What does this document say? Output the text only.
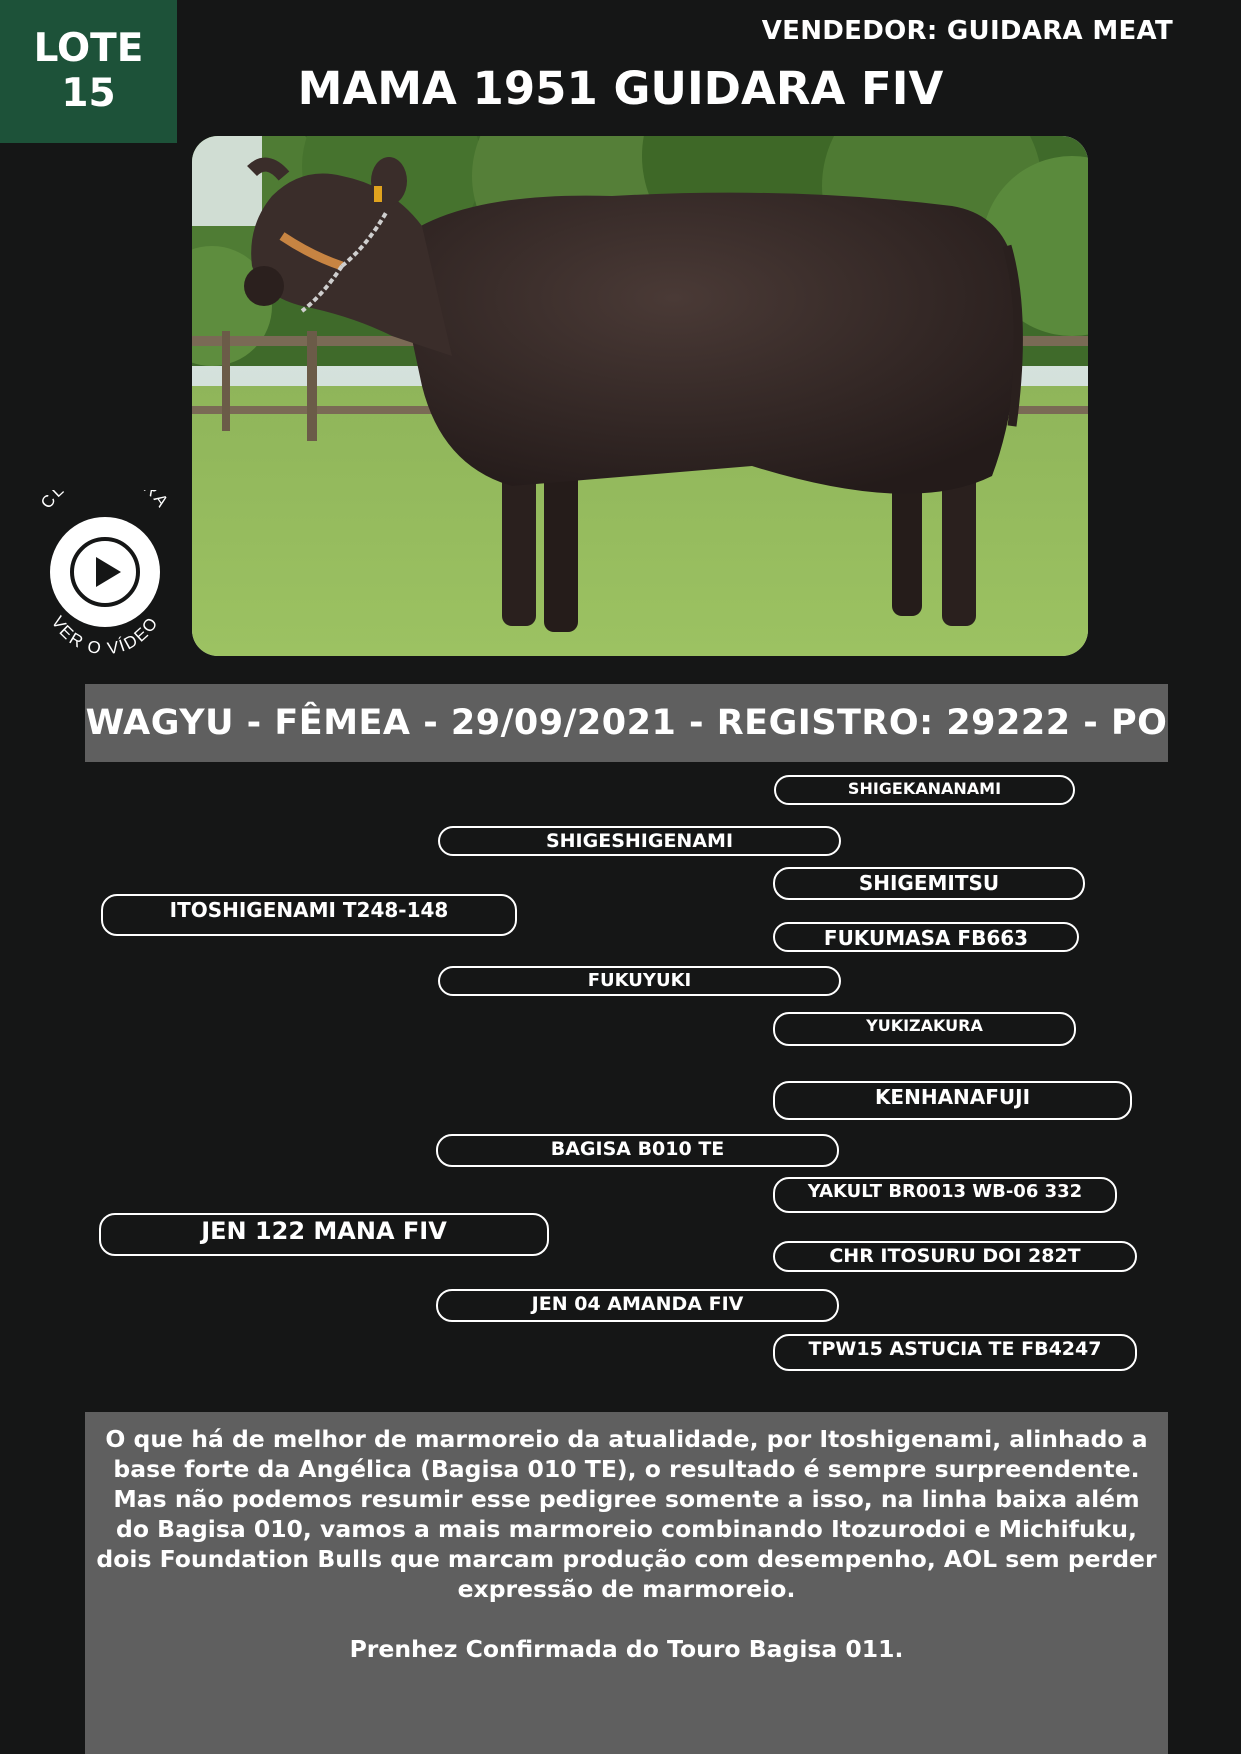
LOTE
15
VENDEDOR: GUIDARA MEAT
MAMA 1951 GUIDARA FIV
CL A
VER O VÍDEO
WAGYU - FÊMEA - 29/09/2021 - REGISTRO: 29222 - PO
ITOSHIGENAMI T248-148
JEN 122 MANA FIV
SHIGESHIGENAMI
FUKUYUKI
BAGISA B010 TE
JEN 04 AMANDA FIV
SHIGEKANANAMI
SHIGEMITSU
FUKUMASA FB663
YUKIZAKURA
KENHANAFUJI
YAKULT BR0013 WB-06 332
CHR ITOSURU DOI 282T
TPW15 ASTUCIA TE FB4247

O que há de melhor de marmoreio da atualidade, por Itoshigenami, alinhado a base forte da Angélica (Bagisa 010 TE), o resultado é sempre surpreendente. Mas não podemos resumir esse pedigree somente a isso, na linha baixa além do Bagisa 010, vamos a mais marmoreio combinando Itozurodoi e Michifuku, dois Foundation Bulls que marcam produção com desempenho, AOL sem perder expressão de marmoreio.

Prenhez Confirmada do Touro Bagisa 011.
